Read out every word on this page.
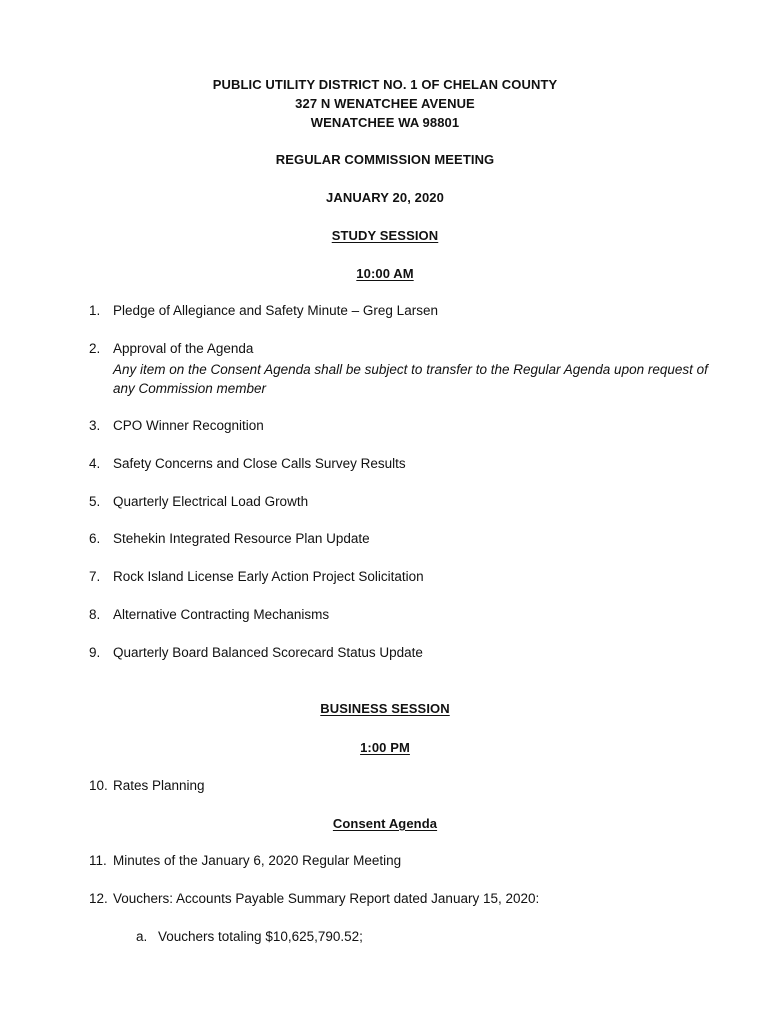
PUBLIC UTILITY DISTRICT NO. 1 OF CHELAN COUNTY
327 N WENATCHEE AVENUE
WENATCHEE WA 98801
REGULAR COMMISSION MEETING
JANUARY 20, 2020
STUDY SESSION
10:00 AM
1. Pledge of Allegiance and Safety Minute – Greg Larsen
2. Approval of the Agenda
Any item on the Consent Agenda shall be subject to transfer to the Regular Agenda upon request of any Commission member
3. CPO Winner Recognition
4. Safety Concerns and Close Calls Survey Results
5. Quarterly Electrical Load Growth
6. Stehekin Integrated Resource Plan Update
7. Rock Island License Early Action Project Solicitation
8. Alternative Contracting Mechanisms
9. Quarterly Board Balanced Scorecard Status Update
BUSINESS SESSION
1:00 PM
10. Rates Planning
Consent Agenda
11. Minutes of the January 6, 2020 Regular Meeting
12. Vouchers: Accounts Payable Summary Report dated January 15, 2020:
a. Vouchers totaling $10,625,790.52;
